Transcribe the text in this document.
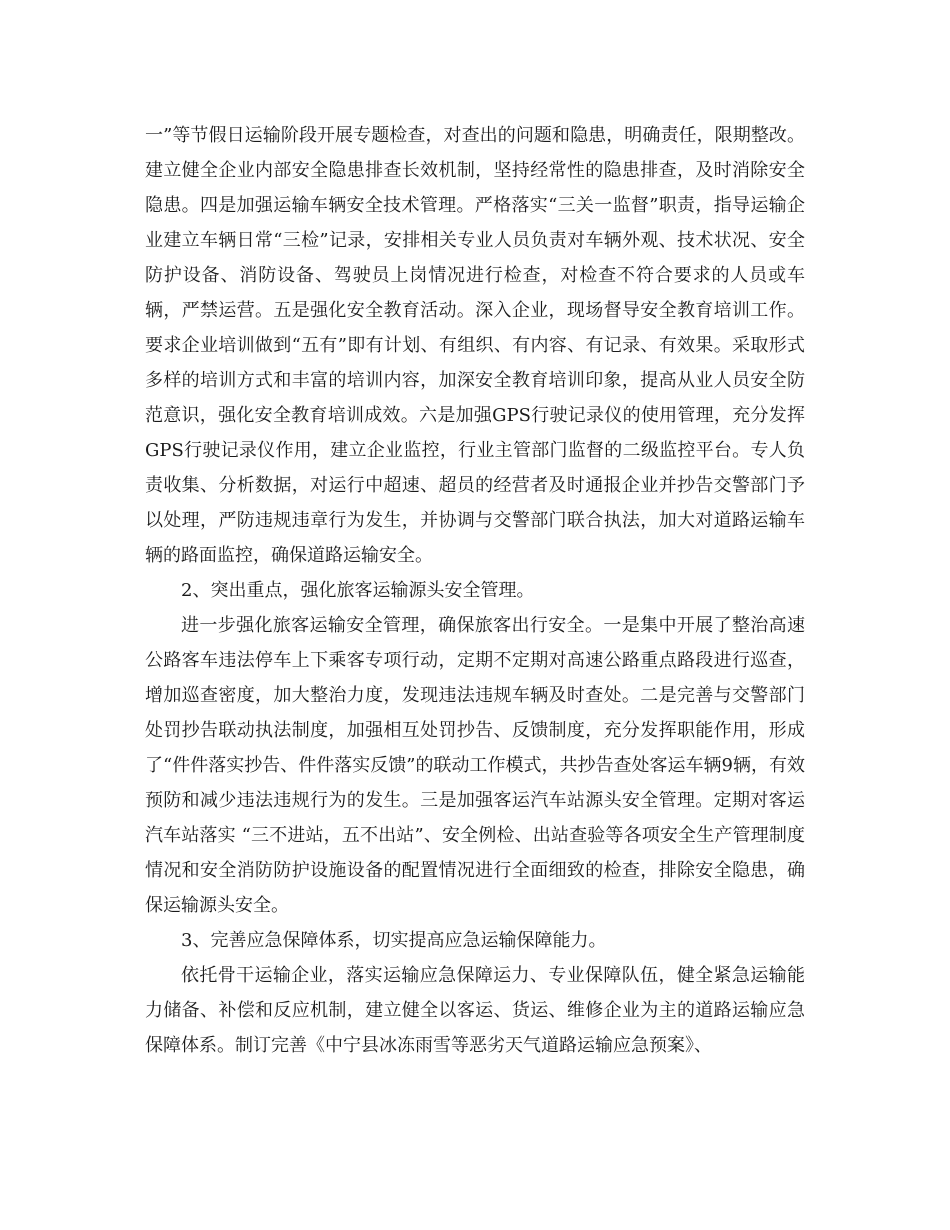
一”等节假日运输阶段开展专题检查，对查出的问题和隐患，明确责任，限期整改。建立健全企业内部安全隐患排查长效机制，坚持经常性的隐患排查，及时消除安全隐患。四是加强运输车辆安全技术管理。严格落实“三关一监督”职责，指导运输企业建立车辆日常“三检”记录，安排相关专业人员负责对车辆外观、技术状况、安全防护设备、消防设备、驾驶员上岗情况进行检查，对检查不符合要求的人员或车辆，严禁运营。五是强化安全教育活动。深入企业，现场督导安全教育培训工作。要求企业培训做到“五有”即有计划、有组织、有内容、有记录、有效果。采取形式多样的培训方式和丰富的培训内容，加深安全教育培训印象，提高从业人员安全防范意识，强化安全教育培训成效。六是加强GPS行驶记录仪的使用管理，充分发挥GPS行驶记录仪作用，建立企业监控，行业主管部门监督的二级监控平台。专人负责收集、分析数据，对运行中超速、超员的经营者及时通报企业并抄告交警部门予以处理，严防违规违章行为发生，并协调与交警部门联合执法，加大对道路运输车辆的路面监控，确保道路运输安全。

2、突出重点，强化旅客运输源头安全管理。

进一步强化旅客运输安全管理，确保旅客出行安全。一是集中开展了整治高速公路客车违法停车上下乘客专项行动，定期不定期对高速公路重点路段进行巡查，增加巡查密度，加大整治力度，发现违法违规车辆及时查处。二是完善与交警部门处罚抄告联动执法制度，加强相互处罚抄告、反馈制度，充分发挥职能作用，形成了“件件落实抄告、件件落实反馈”的联动工作模式，共抄告查处客运车辆9辆，有效预防和减少违法违规行为的发生。三是加强客运汽车站源头安全管理。定期对客运汽车站落实 “三不进站，五不出站”、安全例检、出站查验等各项安全生产管理制度情况和安全消防防护设施设备的配置情况进行全面细致的检查，排除安全隐患，确保运输源头安全。

3、完善应急保障体系，切实提高应急运输保障能力。

依托骨干运输企业，落实运输应急保障运力、专业保障队伍，健全紧急运输能力储备、补偿和反应机制，建立健全以客运、货运、维修企业为主的道路运输应急保障体系。制订完善《中宁县冰冻雨雪等恶劣天气道路运输应急预案》、
